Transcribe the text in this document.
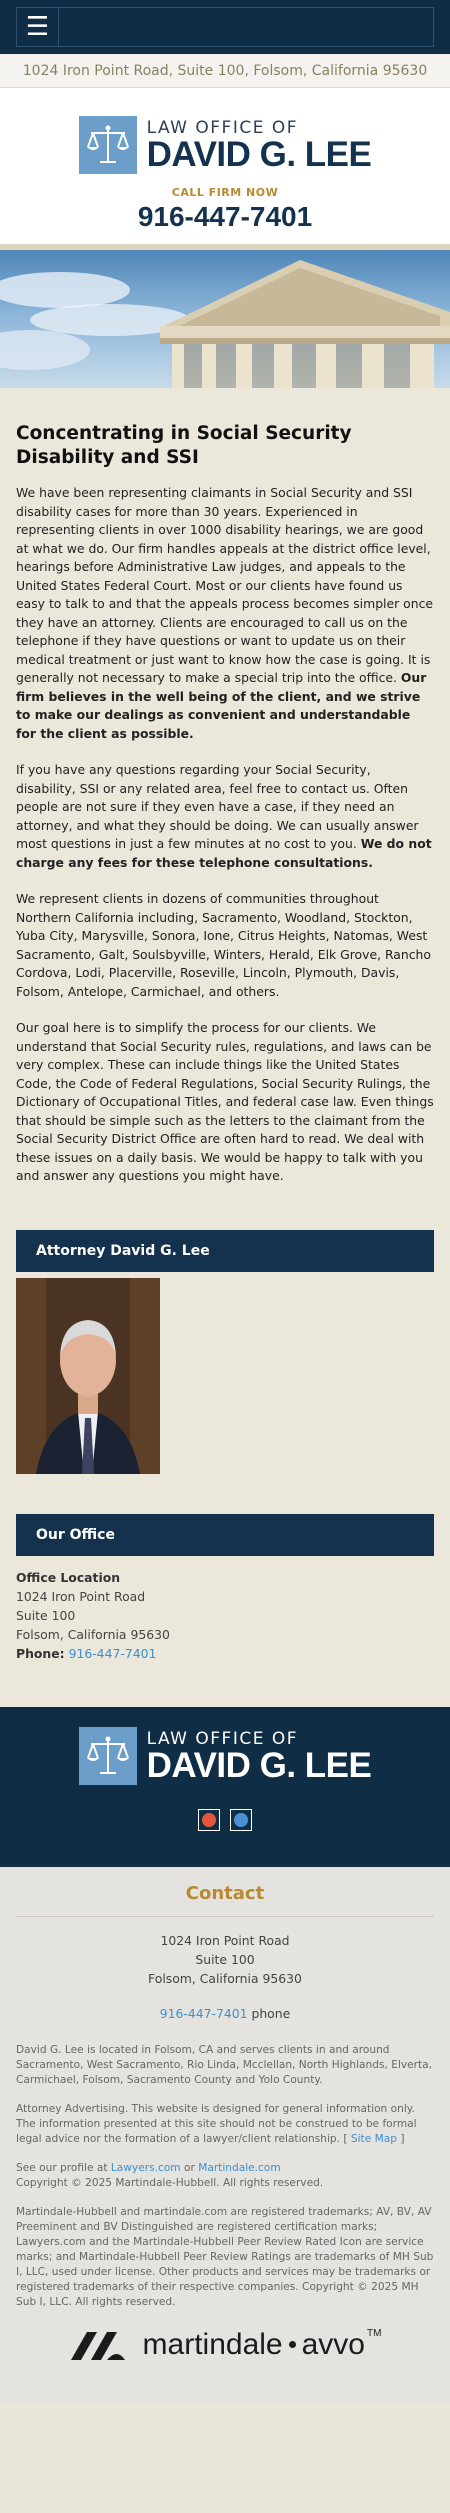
☰
1024 Iron Point Road, Suite 100, Folsom, California 95630
LAW OFFICE OF
DAVID G. LEE
CALL FIRM NOW
916-447-7401
Concentrating in Social Security Disability and SSI

We have been representing claimants in Social Security and SSI disability cases for more than 30 years. Experienced in representing clients in over 1000 disability hearings, we are good at what we do. Our firm handles appeals at the district office level, hearings before Administrative Law judges, and appeals to the United States Federal Court. Most or our clients have found us easy to talk to and that the appeals process becomes simpler once they have an attorney. Clients are encouraged to call us on the telephone if they have questions or want to update us on their medical treatment or just want to know how the case is going. It is generally not necessary to make a special trip into the office. Our firm believes in the well being of the client, and we strive to make our dealings as convenient and understandable for the client as possible.

If you have any questions regarding your Social Security, disability, SSI or any related area, feel free to contact us. Often people are not sure if they even have a case, if they need an attorney, and what they should be doing. We can usually answer most questions in just a few minutes at no cost to you. We do not charge any fees for these telephone consultations.

We represent clients in dozens of communities throughout Northern California including, Sacramento, Woodland, Stockton, Yuba City, Marysville, Sonora, Ione, Citrus Heights, Natomas, West Sacramento, Galt, Soulsbyville, Winters, Herald, Elk Grove, Rancho Cordova, Lodi, Placerville, Roseville, Lincoln, Plymouth, Davis, Folsom, Antelope, Carmichael, and others.

Our goal here is to simplify the process for our clients. We understand that Social Security rules, regulations, and laws can be very complex. These can include things like the United States Code, the Code of Federal Regulations, Social Security Rulings, the Dictionary of Occupational Titles, and federal case law. Even things that should be simple such as the letters to the claimant from the Social Security District Office are often hard to read. We deal with these issues on a daily basis. We would be happy to talk with you and answer any questions you might have.

Attorney David G. Lee
Our Office
Office Location
1024 Iron Point Road
Suite 100
Folsom, California 95630
Phone: 916-447-7401
LAW OFFICE OF
DAVID G. LEE
Contact
1024 Iron Point Road
Suite 100
Folsom, California 95630
916-447-7401 phone

David G. Lee is located in Folsom, CA and serves clients in and around Sacramento, West Sacramento, Rio Linda, Mcclellan, North Highlands, Elverta, Carmichael, Folsom, Sacramento County and Yolo County.

Attorney Advertising. This website is designed for general information only. The information presented at this site should not be construed to be formal legal advice nor the formation of a lawyer/client relationship. [ Site Map ]

See our profile at Lawyers.com or Martindale.com
Copyright © 2025 Martindale-Hubbell. All rights reserved.

Martindale-Hubbell and martindale.com are registered trademarks; AV, BV, AV Preeminent and BV Distinguished are registered certification marks; Lawyers.com and the Martindale-Hubbell Peer Review Rated Icon are service marks; and Martindale-Hubbell Peer Review Ratings are trademarks of MH Sub I, LLC, used under license. Other products and services may be trademarks or registered trademarks of their respective companies. Copyright © 2025 MH Sub I, LLC. All rights reserved.

martindale avvo ™
